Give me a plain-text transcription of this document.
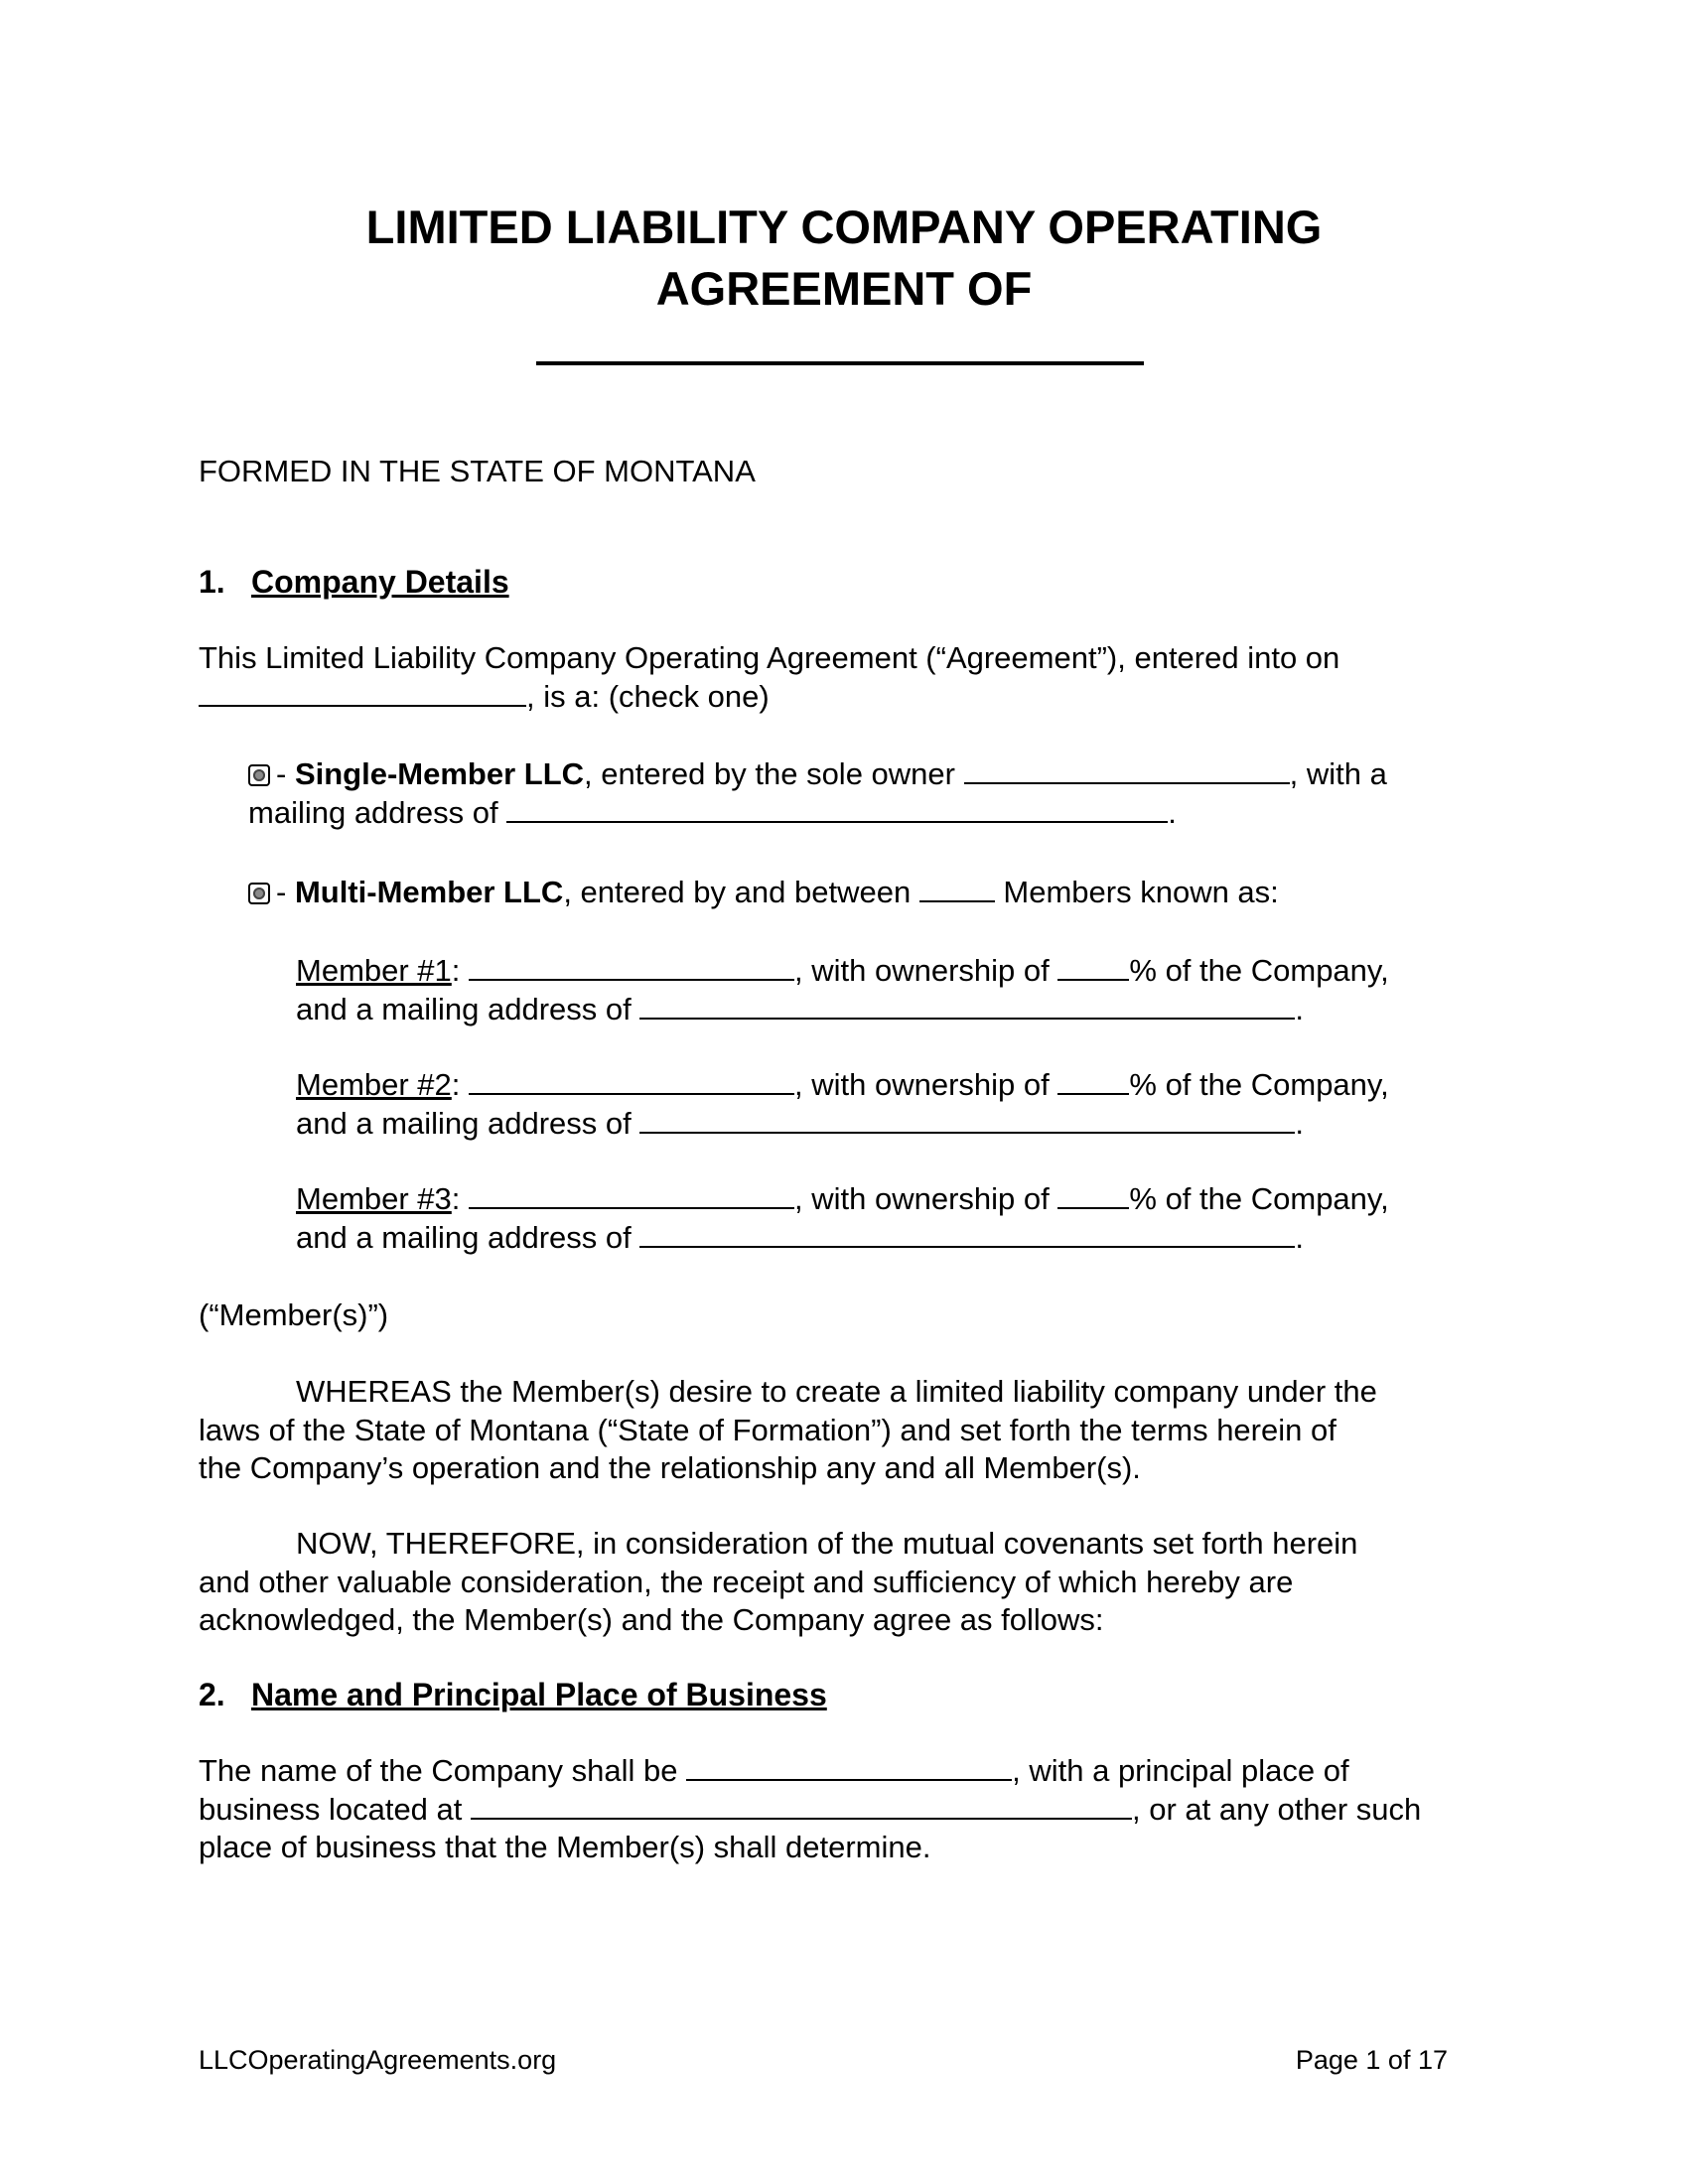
LIMITED LIABILITY COMPANY OPERATING
AGREEMENT OF
FORMED IN THE STATE OF MONTANA
1. Company Details
This Limited Liability Company Operating Agreement (“Agreement”), entered into on
, is a: (check one)
- Single-Member LLC, entered by the sole owner	, with a
mailing address of	.
- Multi-Member LLC, entered by and between  Members known as:
Member #1:	, with ownership of % of the Company,
and a mailing address of	.
Member #2:	, with ownership of % of the Company,
and a mailing address of	.
Member #3:	, with ownership of % of the Company,
and a mailing address of	.
(“Member(s)”)
WHEREAS the Member(s) desire to create a limited liability company under the
laws of the State of Montana (“State of Formation”) and set forth the terms herein of
the Company’s operation and the relationship any and all Member(s).
NOW, THEREFORE, in consideration of the mutual covenants set forth herein
and other valuable consideration, the receipt and sufficiency of which hereby are
acknowledged, the Member(s) and the Company agree as follows:
2. Name and Principal Place of Business
The name of the Company shall be	, with a principal place of
business located at	, or at any other such
place of business that the Member(s) shall determine.
LLCOperatingAgreements.org	Page 1 of 17
